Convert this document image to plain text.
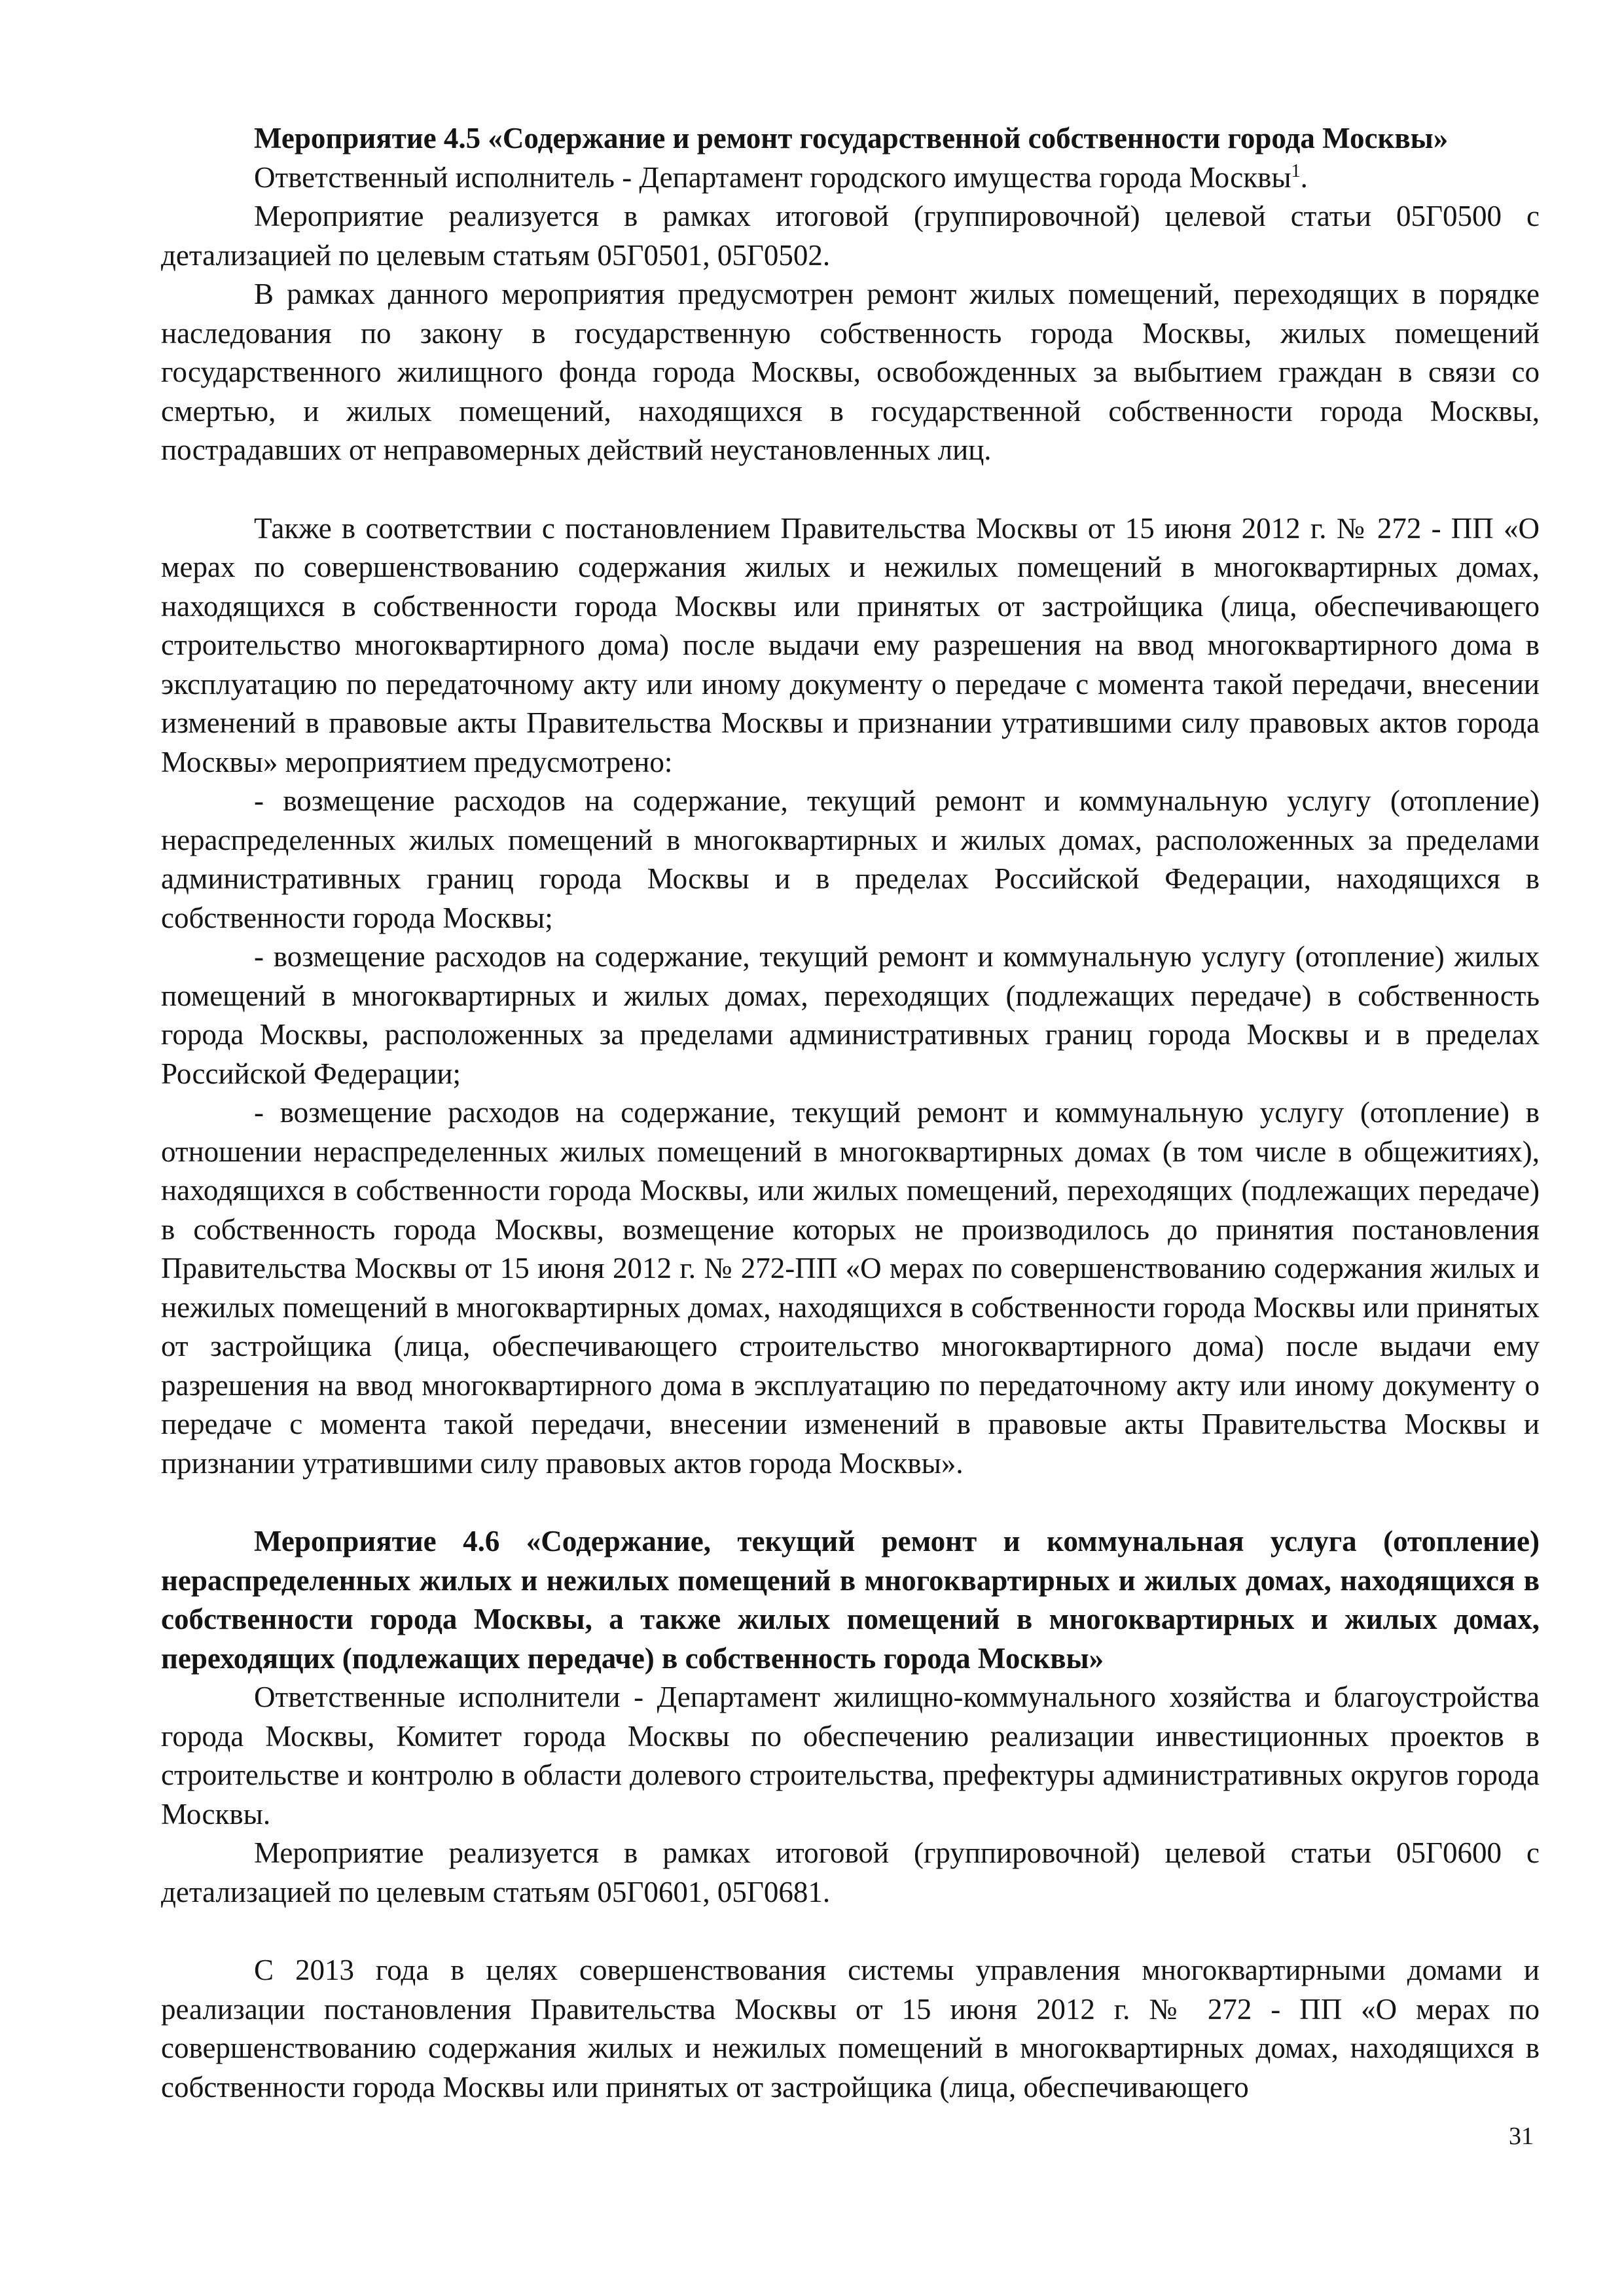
Мероприятие 4.5 «Содержание и ремонт государственной собственности города Москвы»

Ответственный исполнитель - Департамент городского имущества города Москвы$^1$.

Мероприятие реализуется в рамках итоговой (группировочной) целевой статьи 05Г0500 с детализацией по целевым статьям 05Г0501, 05Г0502.

В рамках данного мероприятия предусмотрен ремонт жилых помещений, переходящих в порядке наследования по закону в государственную собственность города Москвы, жилых помещений государственного жилищного фонда города Москвы, освобожденных за выбытием граждан в связи со смертью, и жилых помещений, находящихся в государственной собственности города Москвы, пострадавших от неправомерных действий неустановленных лиц.

Также в соответствии с постановлением Правительства Москвы от 15 июня 2012 г. № 272 - ПП «О мерах по совершенствованию содержания жилых и нежилых помещений в многоквартирных домах, находящихся в собственности города Москвы или принятых от застройщика (лица, обеспечивающего строительство многоквартирного дома) после выдачи ему разрешения на ввод многоквартирного дома в эксплуатацию по передаточному акту или иному документу о передаче с момента такой передачи, внесении изменений в правовые акты Правительства Москвы и признании утратившими силу правовых актов города Москвы» мероприятием предусмотрено:

- возмещение расходов на содержание, текущий ремонт и коммунальную услугу (отопление) нераспределенных жилых помещений в многоквартирных и жилых домах, расположенных за пределами административных границ города Москвы и в пределах Российской Федерации, находящихся в собственности города Москвы;

- возмещение расходов на содержание, текущий ремонт и коммунальную услугу (отопление) жилых помещений в многоквартирных и жилых домах, переходящих (подлежащих передаче) в собственность города Москвы, расположенных за пределами административных границ города Москвы и в пределах Российской Федерации;

- возмещение расходов на содержание, текущий ремонт и коммунальную услугу (отопление) в отношении нераспределенных жилых помещений в многоквартирных домах (в том числе в общежитиях), находящихся в собственности города Москвы, или жилых помещений, переходящих (подлежащих передаче) в собственность города Москвы, возмещение которых не производилось до принятия постановления Правительства Москвы от 15 июня 2012 г. № 272-ПП «О мерах по совершенствованию содержания жилых и нежилых помещений в многоквартирных домах, находящихся в собственности города Москвы или принятых от застройщика (лица, обеспечивающего строительство многоквартирного дома) после выдачи ему разрешения на ввод многоквартирного дома в эксплуатацию по передаточному акту или иному документу о передаче с момента такой передачи, внесении изменений в правовые акты Правительства Москвы и признании утратившими силу правовых актов города Москвы».

Мероприятие 4.6 «Содержание, текущий ремонт и коммунальная услуга (отопление) нераспределенных жилых и нежилых помещений в многоквартирных и жилых домах, находящихся в собственности города Москвы, а также жилых помещений в многоквартирных и жилых домах, переходящих (подлежащих передаче) в собственность города Москвы»

Ответственные исполнители - Департамент жилищно-коммунального хозяйства и благоустройства города Москвы, Комитет города Москвы по обеспечению реализации инвестиционных проектов в строительстве и контролю в области долевого строительства, префектуры административных округов города Москвы.

Мероприятие реализуется в рамках итоговой (группировочной) целевой статьи 05Г0600 с детализацией по целевым статьям 05Г0601, 05Г0681.

С 2013 года в целях совершенствования системы управления многоквартирными домами и реализации постановления Правительства Москвы от 15 июня 2012 г. № 272 - ПП «О мерах по совершенствованию содержания жилых и нежилых помещений в многоквартирных домах, находящихся в собственности города Москвы или принятых от застройщика (лица, обеспечивающего

31
